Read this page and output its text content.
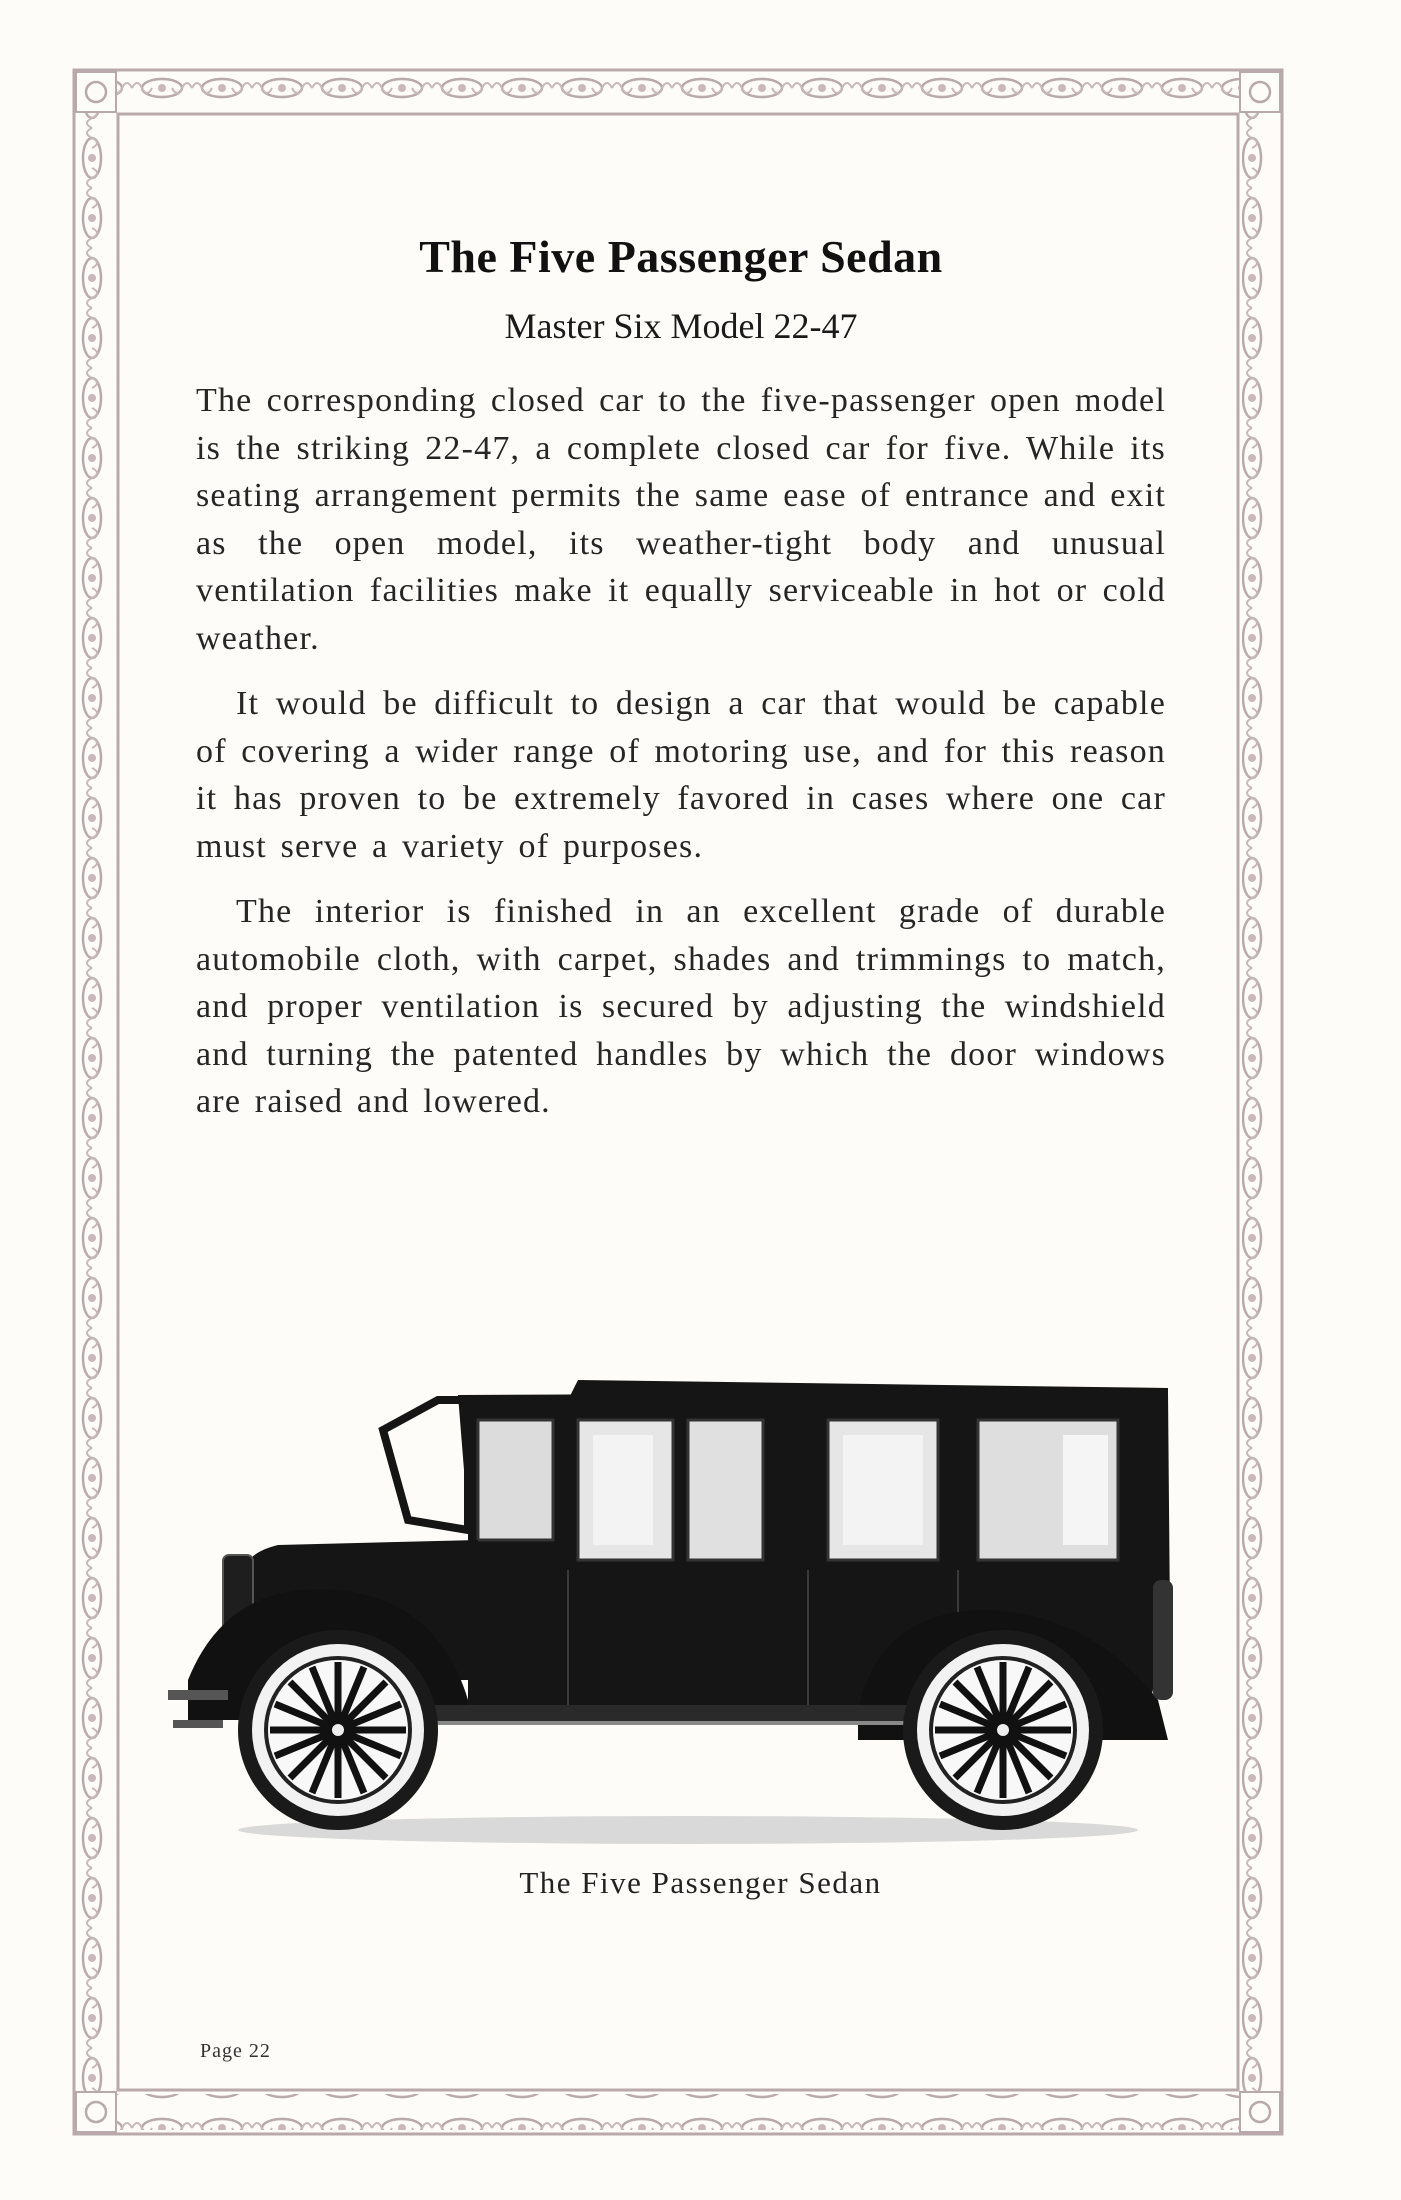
The Five Passenger Sedan
Master Six Model 22-47

The corresponding closed car to the five-passenger open model is the striking 22-47, a complete closed car for five. While its seating arrangement permits the same ease of entrance and exit as the open model, its weather-tight body and unusual ventilation facilities make it equally serviceable in hot or cold weather.

It would be difficult to design a car that would be capable of covering a wider range of motoring use, and for this reason it has proven to be extremely favored in cases where one car must serve a variety of purposes.

The interior is finished in an excellent grade of durable automobile cloth, with carpet, shades and trimmings to match, and proper ventilation is secured by adjusting the windshield and turning the patented handles by which the door windows are raised and lowered.

The Five Passenger Sedan
Page 22
